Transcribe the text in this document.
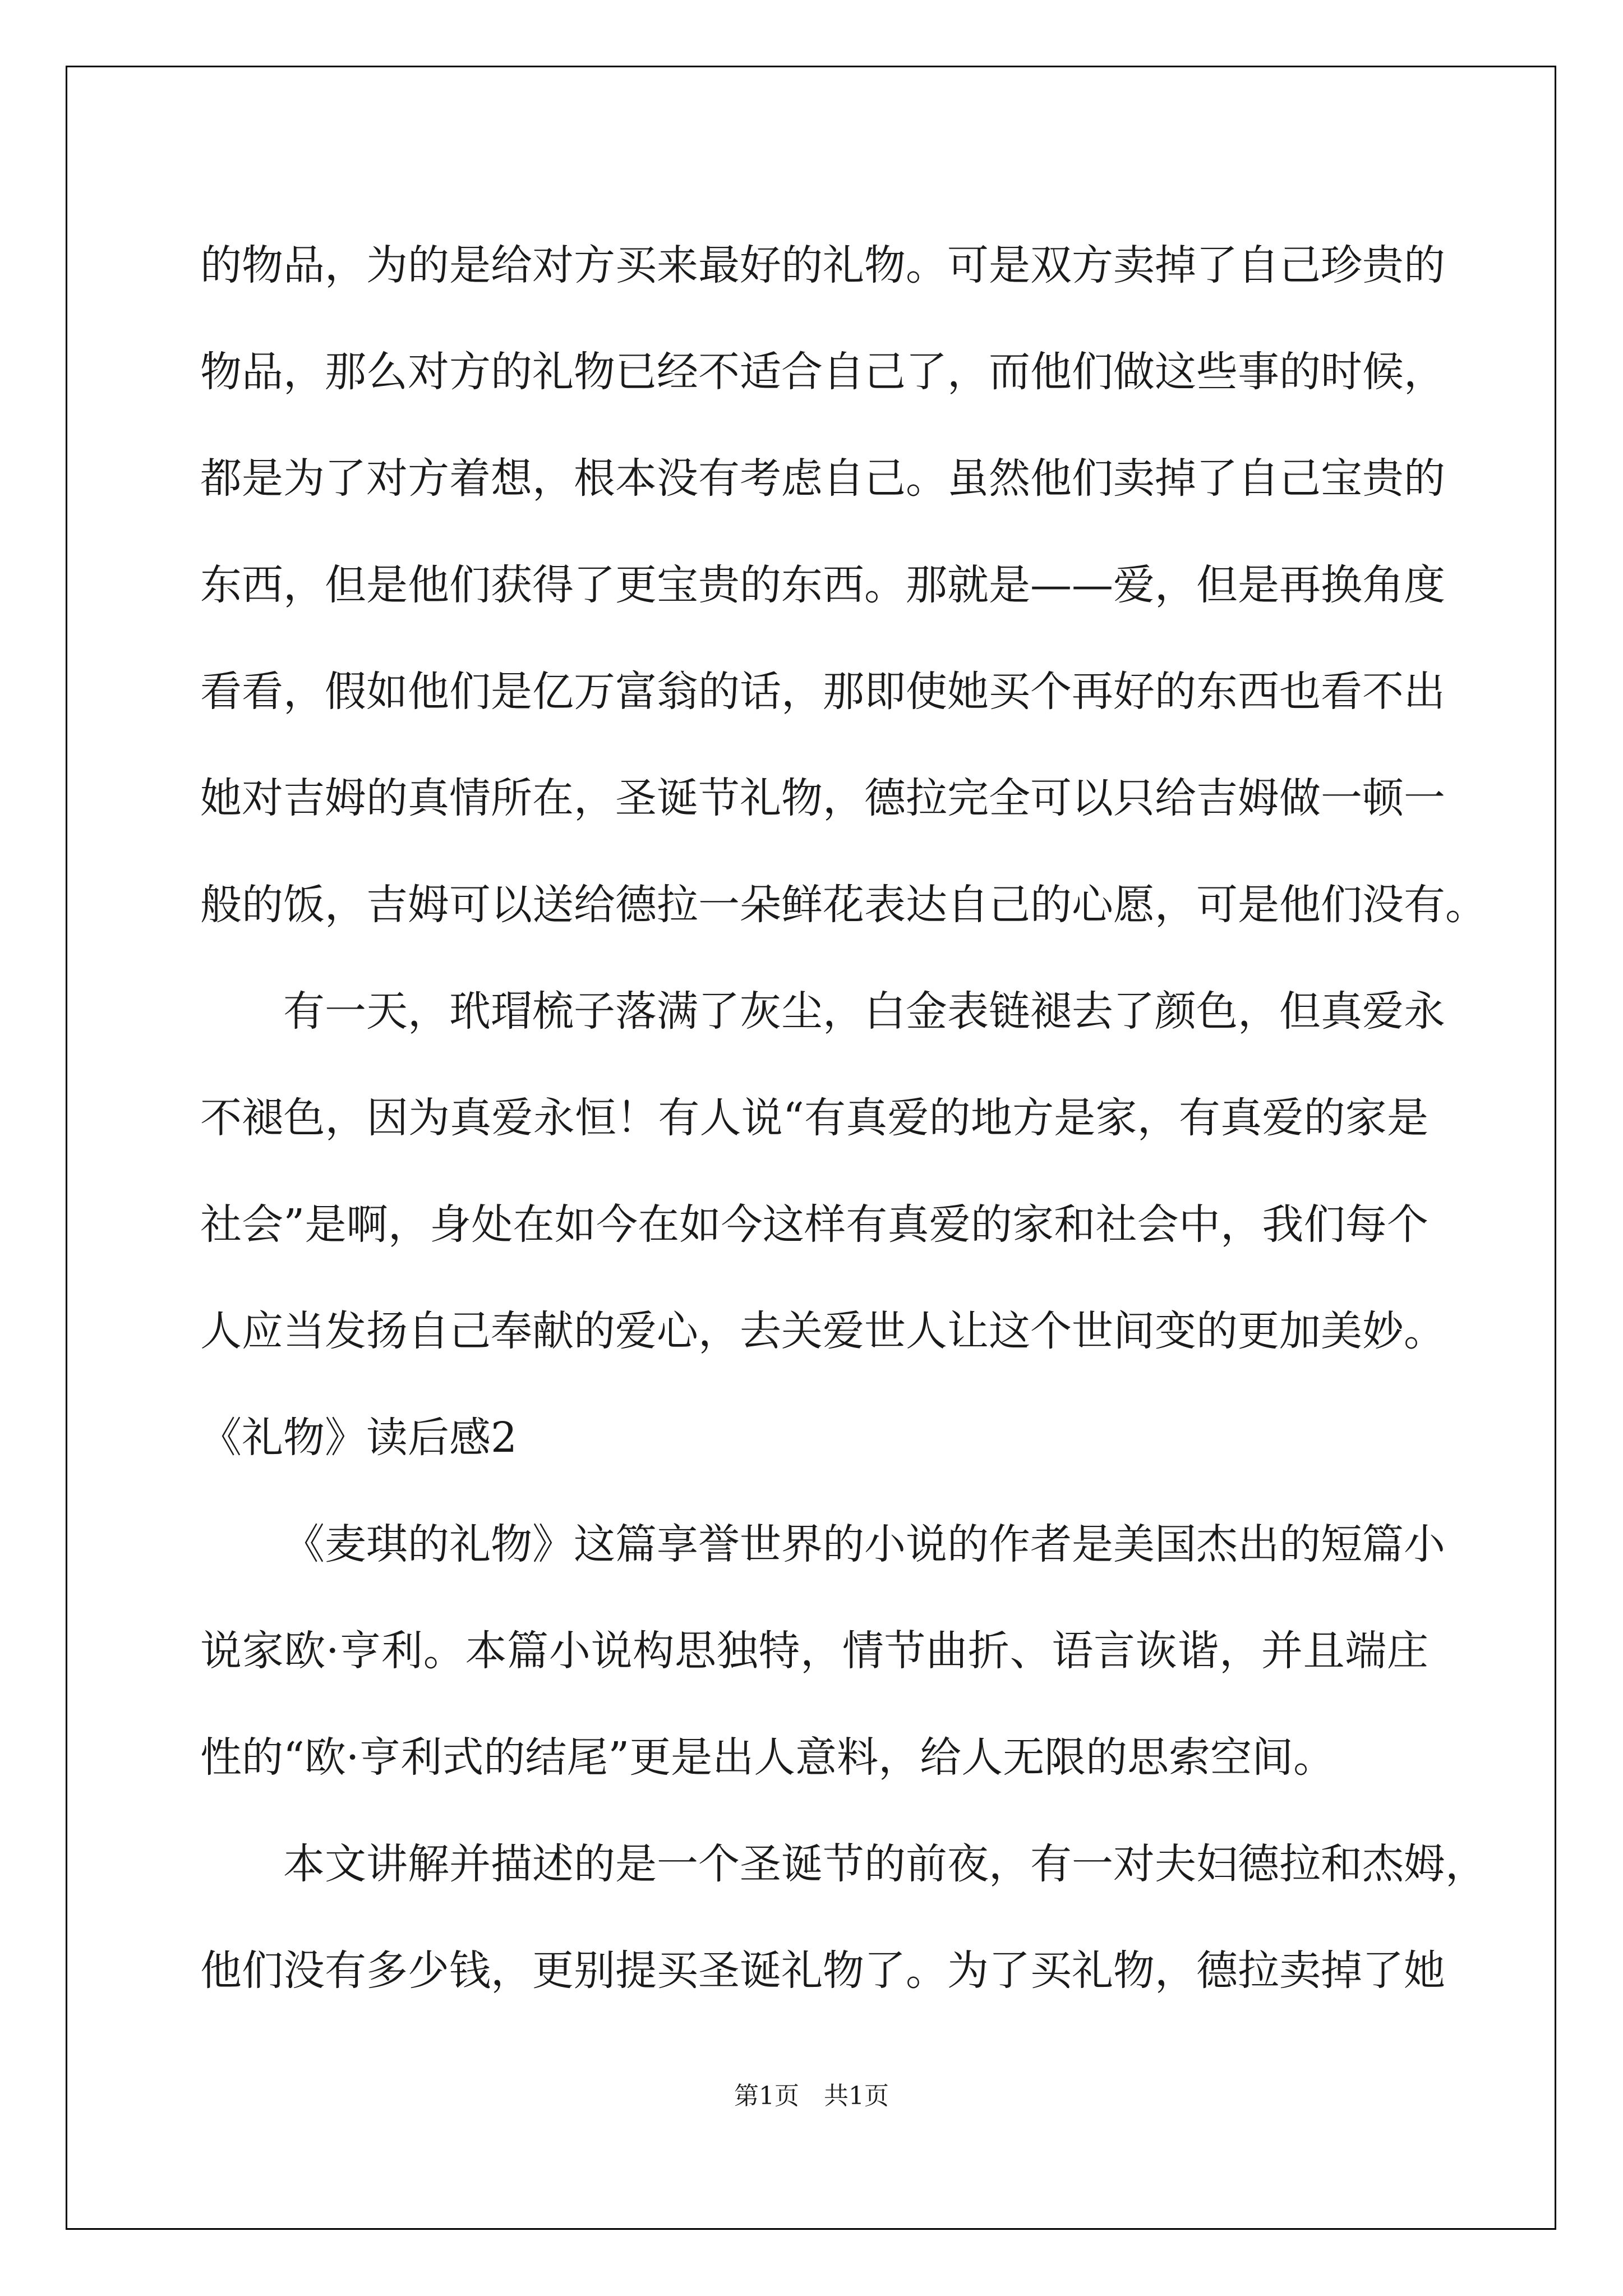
的物品，为的是给对方买来最好的礼物。可是双方卖掉了自己珍贵的
物品，那么对方的礼物已经不适合自己了，而他们做这些事的时候，
都是为了对方着想，根本没有考虑自己。虽然他们卖掉了自己宝贵的
东西，但是他们获得了更宝贵的东西。那就是——爱，但是再换角度
看看，假如他们是亿万富翁的话，那即使她买个再好的东西也看不出
她对吉姆的真情所在，圣诞节礼物，德拉完全可以只给吉姆做一顿一
般的饭，吉姆可以送给德拉一朵鲜花表达自己的心愿，可是他们没有。
有一天，玳瑁梳子落满了灰尘，白金表链褪去了颜色，但真爱永
不褪色，因为真爱永恒！有人说“有真爱的地方是家，有真爱的家是
社会”是啊，身处在如今在如今这样有真爱的家和社会中，我们每个
人应当发扬自己奉献的爱心，去关爱世人让这个世间变的更加美妙。
《礼物》读后感2
《麦琪的礼物》这篇享誉世界的小说的作者是美国杰出的短篇小
说家欧·亨利。本篇小说构思独特，情节曲折、语言诙谐，并且端庄
性的“欧·亨利式的结尾”更是出人意料，给人无限的思索空间。
本文讲解并描述的是一个圣诞节的前夜，有一对夫妇德拉和杰姆，
他们没有多少钱，更别提买圣诞礼物了。为了买礼物，德拉卖掉了她
第1页　共1页
